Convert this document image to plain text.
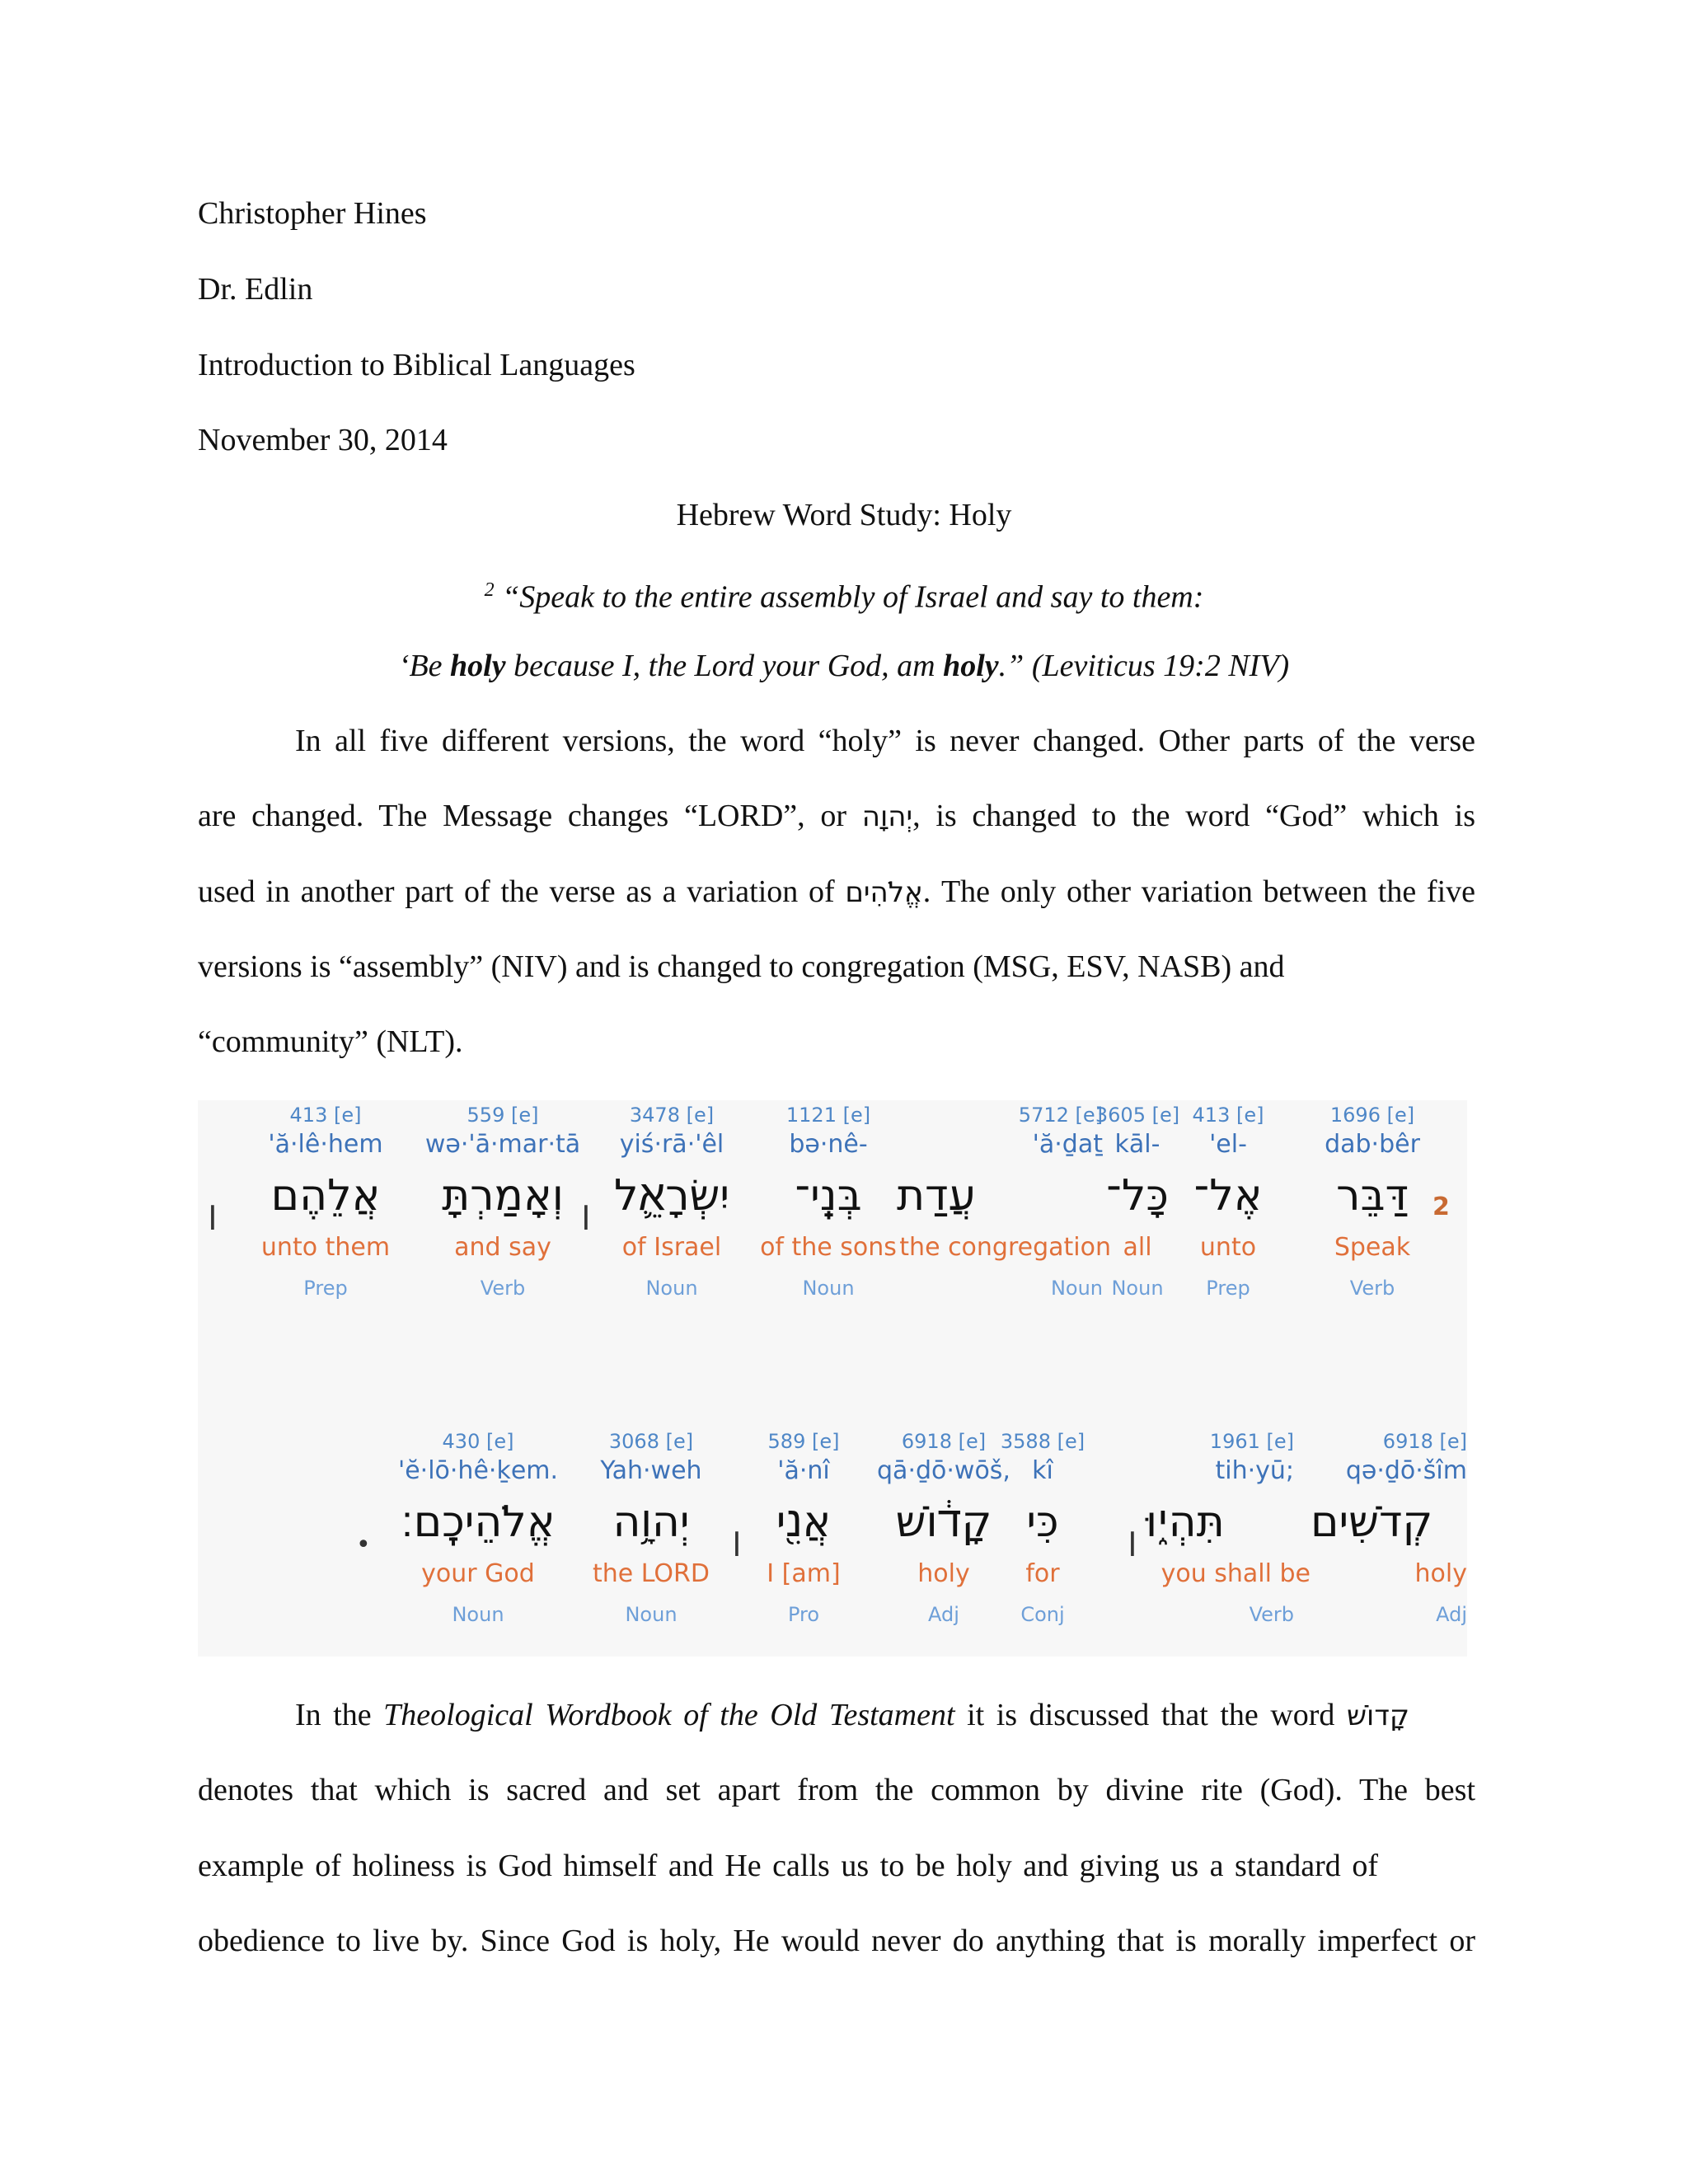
Christopher Hines
Dr. Edlin
Introduction to Biblical Languages
November 30, 2014
Hebrew Word Study: Holy
$^2$ “Speak to the entire assembly of Israel and say to them:
‘Be holy because I, the Lord your God, am holy.” (Leviticus 19:2 NIV)
In all five different versions, the word “holy” is never changed. Other parts of the verse
are changed. The Message changes “LORD”, or יְהוָה, is changed to the word “God” which is
used in another part of the verse as a variation of אֱלֹהִים. The only other variation between the five
versions is “assembly” (NIV) and is changed to congregation (MSG, ESV, NASB) and
“community” (NLT).
2
1696 [e]
dab·bêr
דַּבֵּר
Speak
Verb
413 [e]
'el-
אֶל־
unto
Prep
3605 [e]
kāl-
כָּל־
all
Noun
5712 [e]
'ă·ḏaṯ
עֲדַת
the congregation
Noun
1121 [e]
bə·nê-
בְּנֵֽי־
of the sons
Noun
3478 [e]
yiś·rā·'êl
יִשְׂרָאֵ֛ל
of Israel
Noun
׀
559 [e]
wə·'ā·mar·tā
וְאָמַרְתָּ
and say
Verb
413 [e]
'ă·lê·hem
אֲלֵהֶם
unto them
Prep
׀
6918 [e]
qə·ḏō·šîm
קְדֹשִׁים
holy
Adj
1961 [e]
tih·yū;
תִּהְי֑וּ
you shall be
Verb
׀
3588 [e]
kî
כִּי
for
Conj
6918 [e]
qā·ḏō·wōš,
קָד֔וֹשׁ
holy
Adj
589 [e]
'ă·nî
אֲנִ֖י
I [am]
Pro
׀
3068 [e]
Yah·weh
יְהוָ֥ה
the LORD
Noun
430 [e]
'ĕ·lō·hê·ḵem.
אֱלֹהֵיכֶֽם׃
your God
Noun
•
In the Theological Wordbook of the Old Testament it is discussed that the word קָדוֹשׁ
denotes that which is sacred and set apart from the common by divine rite (God). The best
example of holiness is God himself and He calls us to be holy and giving us a standard of
obedience to live by. Since God is holy, He would never do anything that is morally imperfect or
